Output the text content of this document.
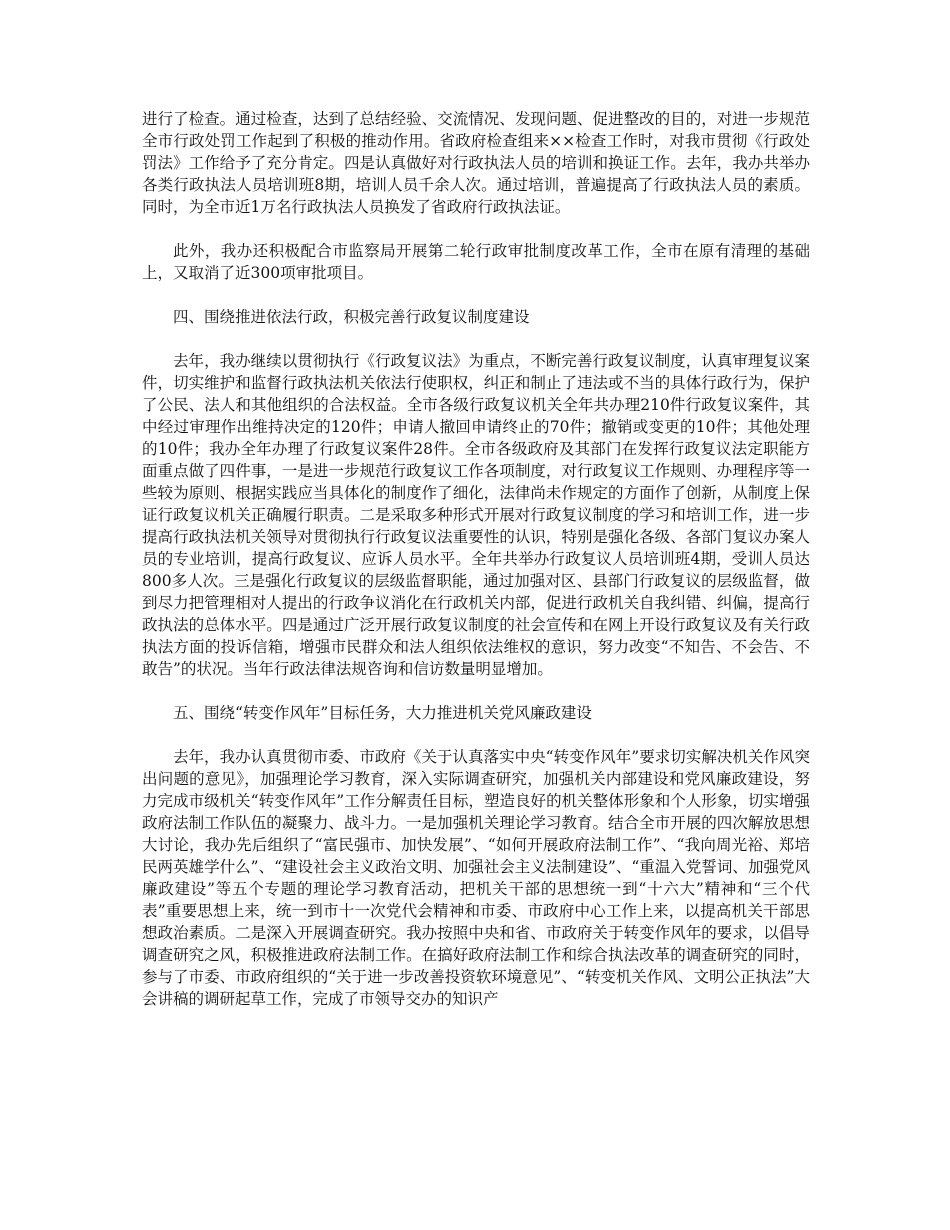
进行了检查。通过检查，达到了总结经验、交流情况、发现问题、促进整改的目的，对进一步规范全市行政处罚工作起到了积极的推动作用。省政府检查组来××检查工作时，对我市贯彻《行政处罚法》工作给予了充分肯定。四是认真做好对行政执法人员的培训和换证工作。去年，我办共举办各类行政执法人员培训班8期，培训人员千余人次。通过培训，普遍提高了行政执法人员的素质。同时，为全市近1万名行政执法人员换发了省政府行政执法证。

此外，我办还积极配合市监察局开展第二轮行政审批制度改革工作，全市在原有清理的基础上，又取消了近300项审批项目。

四、围绕推进依法行政，积极完善行政复议制度建设

去年，我办继续以贯彻执行《行政复议法》为重点，不断完善行政复议制度，认真审理复议案件，切实维护和监督行政执法机关依法行使职权，纠正和制止了违法或不当的具体行政行为，保护了公民、法人和其他组织的合法权益。全市各级行政复议机关全年共办理210件行政复议案件，其中经过审理作出维持决定的120件；申请人撤回申请终止的70件；撤销或变更的10件；其他处理的10件；我办全年办理了行政复议案件28件。全市各级政府及其部门在发挥行政复议法定职能方面重点做了四件事，一是进一步规范行政复议工作各项制度，对行政复议工作规则、办理程序等一些较为原则、根据实践应当具体化的制度作了细化，法律尚未作规定的方面作了创新，从制度上保证行政复议机关正确履行职责。二是采取多种形式开展对行政复议制度的学习和培训工作，进一步提高行政执法机关领导对贯彻执行行政复议法重要性的认识，特别是强化各级、各部门复议办案人员的专业培训，提高行政复议、应诉人员水平。全年共举办行政复议人员培训班4期，受训人员达800多人次。三是强化行政复议的层级监督职能，通过加强对区、县部门行政复议的层级监督，做到尽力把管理相对人提出的行政争议消化在行政机关内部，促进行政机关自我纠错、纠偏，提高行政执法的总体水平。四是通过广泛开展行政复议制度的社会宣传和在网上开设行政复议及有关行政执法方面的投诉信箱，增强市民群众和法人组织依法维权的意识，努力改变“不知告、不会告、不敢告”的状况。当年行政法律法规咨询和信访数量明显增加。

五、围绕“转变作风年”目标任务，大力推进机关党风廉政建设

去年，我办认真贯彻市委、市政府《关于认真落实中央“转变作风年”要求切实解决机关作风突出问题的意见》，加强理论学习教育，深入实际调查研究，加强机关内部建设和党风廉政建设，努力完成市级机关“转变作风年”工作分解责任目标，塑造良好的机关整体形象和个人形象，切实增强政府法制工作队伍的凝聚力、战斗力。一是加强机关理论学习教育。结合全市开展的四次解放思想大讨论，我办先后组织了“富民强市、加快发展”、“如何开展政府法制工作”、“我向周光裕、郑培民两英雄学什么”、“建设社会主义政治文明、加强社会主义法制建设”、“重温入党誓词、加强党风廉政建设”等五个专题的理论学习教育活动，把机关干部的思想统一到“十六大”精神和“三个代表”重要思想上来，统一到市十一次党代会精神和市委、市政府中心工作上来，以提高机关干部思想政治素质。二是深入开展调查研究。我办按照中央和省、市政府关于转变作风年的要求，以倡导调查研究之风，积极推进政府法制工作。在搞好政府法制工作和综合执法改革的调查研究的同时，参与了市委、市政府组织的“关于进一步改善投资软环境意见”、“转变机关作风、文明公正执法”大会讲稿的调研起草工作，完成了市领导交办的知识产
